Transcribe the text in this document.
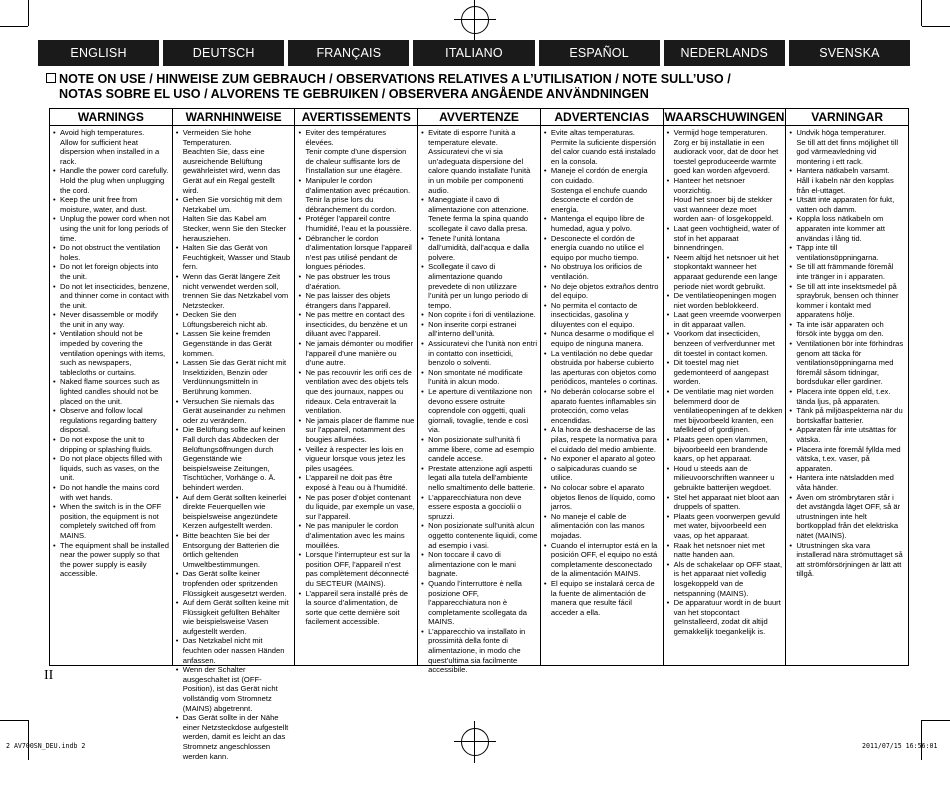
ENGLISH	DEUTSCH	FRANÇAIS	ITALIANO	ESPAÑOL	NEDERLANDS	SVENSKA
NOTE ON USE / HINWEISE ZUM GEBRAUCH / OBSERVATIONS RELATIVES A L’UTILISATION / NOTE SULL’USO /
NOTAS SOBRE EL USO / ALVORENS TE GEBRUIKEN / OBSERVERA ANGÅENDE ANVÄNDNINGEN
WARNINGS
• Avoid high temperatures.
Allow for sufficient heat dispersion when installed in a rack.
• Handle the power cord carefully.
Hold the plug when unplugging the cord.
• Keep the unit free from moisture, water, and dust.
• Unplug the power cord when not using the unit for long periods of time.
• Do not obstruct the ventilation holes.
• Do not let foreign objects into the unit.
• Do not let insecticides, benzene, and thinner come in contact with the unit.
• Never disassemble or modify the unit in any way.
• Ventilation should not be impeded by covering the ventilation openings with items, such as newspapers, tablecloths or curtains.
• Naked flame sources such as lighted candles should not be placed on the unit.
• Observe and follow local regulations regarding battery disposal.
• Do not expose the unit to dripping or splashing fluids.
• Do not place objects filled with liquids, such as vases, on the unit.
• Do not handle the mains cord with wet hands.
• When the switch is in the OFF position, the equipment is not completely switched off from MAINS.
• The equipment shall be installed near the power supply so that the power supply is easily accessible.
WARNHINWEISE
• Vermeiden Sie hohe Temperaturen.
Beachten Sie, dass eine ausreichende Belüftung gewährleistet wird, wenn das Gerät auf ein Regal gestellt wird.
• Gehen Sie vorsichtig mit dem Netzkabel um.
Halten Sie das Kabel am Stecker, wenn Sie den Stecker herausziehen.
• Halten Sie das Gerät von Feuchtigkeit, Wasser und Staub fern.
• Wenn das Gerät längere Zeit nicht verwendet werden soll, trennen Sie das Netzkabel vom Netzstecker.
• Decken Sie den Lüftungsbereich nicht ab.
• Lassen Sie keine fremden Gegenstände in das Gerät kommen.
• Lassen Sie das Gerät nicht mit Insektiziden, Benzin oder Verdünnungsmitteln in Berührung kommen.
• Versuchen Sie niemals das Gerät auseinander zu nehmen oder zu verändern.
• Die Belüftung sollte auf keinen Fall durch das Abdecken der Belüftungsöffnungen durch Gegenstände wie beispielsweise Zeitungen, Tischtücher, Vorhänge o. Ä. behindert werden.
• Auf dem Gerät sollten keinerlei direkte Feuerquellen wie beispielsweise angezündete Kerzen aufgestellt werden.
• Bitte beachten Sie bei der Entsorgung der Batterien die örtlich geltenden Umweltbestimmungen.
• Das Gerät sollte keiner tropfenden oder spritzenden Flüssigkeit ausgesetzt werden.
• Auf dem Gerät sollten keine mit Flüssigkeit gefüllten Behälter wie beispielsweise Vasen aufgestellt werden.
• Das Netzkabel nicht mit feuchten oder nassen Händen anfassen.
• Wenn der Schalter ausgeschaltet ist (OFF-Position), ist das Gerät nicht vollständig vom Stromnetz (MAINS) abgetrennt.
• Das Gerät sollte in der Nähe einer Netzsteckdose aufgestellt werden, damit es leicht an das Stromnetz angeschlossen werden kann.
AVERTISSEMENTS
• Eviter des températures élevées.
Tenir compte d’une dispersion de chaleur suffisante lors de l’installation sur une étagère.
• Manipuler le cordon d’alimentation avec précaution.
Tenir la prise lors du débranchement du cordon.
• Protéger l’appareil contre l’humidité, l’eau et la poussière.
• Débrancher le cordon d’alimentation lorsque l’appareil n’est pas utilisé pendant de longues périodes.
• Ne pas obstruer les trous d’aération.
• Ne pas laisser des objets étrangers dans l’appareil.
• Ne pas mettre en contact des insecticides, du benzène et un diluant avec l’appareil.
• Ne jamais démonter ou modifier l’appareil d’une manière ou d’une autre.
• Ne pas recouvrir les orifi ces de ventilation avec des objets tels que des journaux, nappes ou rideaux. Cela entraverait la ventilation.
• Ne jamais placer de flamme nue sur l’appareil, notamment des bougies allumées.
• Veillez à respecter les lois en vigueur lorsque vous jetez les piles usagées.
• L’appareil ne doit pas être exposé à l’eau ou à l’humidité.
• Ne pas poser d’objet contenant du liquide, par exemple un vase, sur l’appareil.
• Ne pas manipuler le cordon d’alimentation avec les mains mouillées.
• Lorsque l’interrupteur est sur la position OFF, l’appareil n’est pas complètement déconnecté du SECTEUR (MAINS).
• L’appareil sera installé près de la source d’alimentation, de sorte que cette dernière soit facilement accessible.
AVVERTENZE
• Evitate di esporre l’unità a temperature elevate.
Assicuratevi che vi sia un’adeguata dispersione del calore quando installate l’unità in un mobile per componenti audio.
• Maneggiate il cavo di alimentazione con attenzione.
Tenete ferma la spina quando scollegate il cavo dalla presa.
• Tenete l’unità lontana dall’umidità, dall’acqua e dalla polvere.
• Scollegate il cavo di alimentazione quando prevedete di non utilizzare l’unità per un lungo periodo di tempo.
• Non coprite i fori di ventilazione.
• Non inserite corpi estranei all’interno dell’unità.
• Assicuratevi che l’unità non entri in contatto con insetticidi, benzolo o solventi.
• Non smontate né modificate l’unità in alcun modo.
• Le aperture di ventilazione non devono essere ostruite coprendole con oggetti, quali giornali, tovaglie, tende e così via.
• Non posizionate sull’unità fi amme libere, come ad esempio candele accese.
• Prestate attenzione agli aspetti legati alla tutela dell’ambiente nello smaltimento delle batterie.
• L’apparecchiatura non deve essere esposta a gocciolii o spruzzi.
• Non posizionate sull’unità alcun oggetto contenente liquidi, come ad esempio i vasi.
• Non toccare il cavo di alimentazione con le mani bagnate.
• Quando l’interruttore è nella posizione OFF, l’apparecchiatura non è completamente scollegata da MAINS.
• L’apparecchio va installato in prossimità della fonte di alimentazione, in modo che quest’ultima sia facilmente accessibile.
ADVERTENCIAS
• Evite altas temperaturas.
Permite la suficiente dispersión del calor cuando está instalado en la consola.
• Maneje el cordón de energía con cuidado.
Sostenga el enchufe cuando desconecte el cordón de energía.
• Mantenga el equipo libre de humedad, agua y polvo.
• Desconecte el cordón de energía cuando no utilice el equipo por mucho tiempo.
• No obstruya los orificios de ventilación.
• No deje objetos extraños dentro del equipo.
• No permita el contacto de insecticidas, gasolina y diluyentes con el equipo.
• Nunca desarme o modifique el equipo de ninguna manera.
• La ventilación no debe quedar obstruida por haberse cubierto las aperturas con objetos como periódicos, manteles o cortinas.
• No deberán colocarse sobre el aparato fuentes inflamables sin protección, como velas encendidas.
• A la hora de deshacerse de las pilas, respete la normativa para el cuidado del medio ambiente.
• No exponer el aparato al goteo o salpicaduras cuando se utilice.
• No colocar sobre el aparato objetos llenos de líquido, como jarros.
• No maneje el cable de alimentación con las manos mojadas.
• Cuando el interruptor está en la posición OFF, el equipo no está completamente desconectado de la alimentación MAINS.
• El equipo se instalará cerca de la fuente de alimentación de manera que resulte fácil acceder a ella.
WAARSCHUWINGEN
• Vermijd hoge temperaturen.
Zorg er bij installatie in een audiorack voor, dat de door het toestel geproduceerde warmte goed kan worden afgevoerd.
• Hanteer het netsnoer voorzichtig.
Houd het snoer bij de stekker vast wanneer deze moet worden aan- of losgekoppeld.
• Laat geen vochtigheid, water of stof in het apparaat binnendringen.
• Neem altijd het netsnoer uit het stopkontakt wanneer het apparaat gedurende een lange periode niet wordt gebruikt.
• De ventilatieopeningen mogen niet worden beblokkeerd.
• Laat geen vreemde voorwerpen in dit apparaat vallen.
• Voorkom dat insecticiden, benzeen of verfverdunner met dit toestel in contact komen.
• Dit toestel mag niet gedemonteerd of aangepast worden.
• De ventilatie mag niet worden belemmerd door de ventilatieopeningen af te dekken met bijvoorbeeld kranten, een tafelkleed of gordijnen.
• Plaats geen open vlammen, bijvoorbeeld een brandende kaars, op het apparaat.
• Houd u steeds aan de milieuvoorschriften wanneer u gebruikte batterijen wegdoet.
• Stel het apparaat niet bloot aan druppels of spatten.
• Plaats geen voorwerpen gevuld met water, bijvoorbeeld een vaas, op het apparaat.
• Raak het netsnoer niet met natte handen aan.
• Als de schakelaar op OFF staat, is het apparaat niet volledig losgekoppeld van de netspanning (MAINS).
• De apparatuur wordt in de buurt van het stopcontact geïnstalleerd, zodat dit altijd gemakkelijk toegankelijk is.
VARNINGAR
• Undvik höga temperaturer.
Se till att det finns möjlighet till god värmeavledning vid montering i ett rack.
• Hantera nätkabeln varsamt.
Håll i kabeln när den kopplas från el-uttaget.
• Utsätt inte apparaten för fukt, vatten och damm.
• Koppla loss nätkabeln om apparaten inte kommer att användas i lång tid.
• Täpp inte till ventilationsöppningarna.
• Se till att främmande föremål inte tränger in i apparaten.
• Se till att inte insektsmedel på spraybruk, bensen och thinner kommer i kontakt med apparatens hölje.
• Ta inte isär apparaten och försök inte bygga om den.
• Ventilationen bör inte förhindras genom att täcka för ventilationsöppningarna med föremål såsom tidningar, bordsdukar eller gardiner.
• Placera inte öppen eld, t.ex. tända ljus, på apparaten.
• Tänk på miljöaspekterna när du bortskaffar batterier.
• Apparaten får inte utsättas för vätska.
• Placera inte föremål fyllda med vätska, t.ex. vaser, på apparaten.
• Hantera inte nätsladden med våta händer.
• Även om strömbrytaren står i det avstängda läget OFF, så är utrustningen inte helt bortkopplad från det elektriska nätet (MAINS).
• Utrustningen ska vara installerad nära strömuttaget så att strömförsörjningen är lätt att tillgå.
II
2 AV700SN_DEU.indb 2	2011/07/15 16:56:01
